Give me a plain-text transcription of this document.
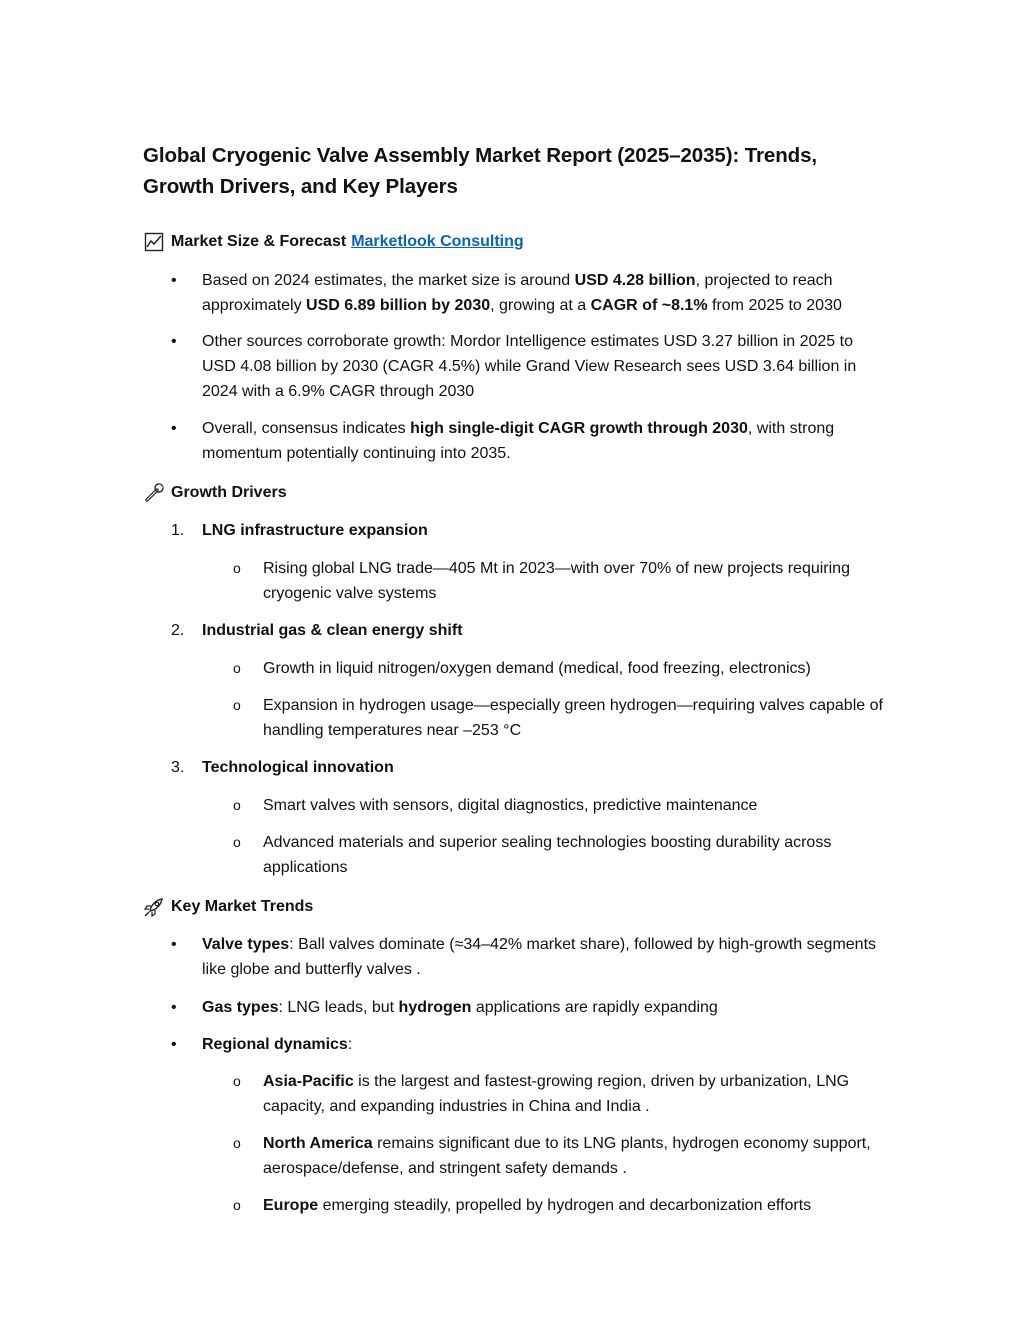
Global Cryogenic Valve Assembly Market Report (2025–2035): Trends, Growth Drivers, and Key Players
Market Size & Forecast Marketlook Consulting
• Based on 2024 estimates, the market size is around USD 4.28 billion, projected to reach approximately USD 6.89 billion by 2030, growing at a CAGR of ~8.1% from 2025 to 2030
• Other sources corroborate growth: Mordor Intelligence estimates USD 3.27 billion in 2025 to USD 4.08 billion by 2030 (CAGR 4.5%) while Grand View Research sees USD 3.64 billion in 2024 with a 6.9% CAGR through 2030
• Overall, consensus indicates high single-digit CAGR growth through 2030, with strong momentum potentially continuing into 2035.
Growth Drivers
1. LNG infrastructure expansion
o Rising global LNG trade—405 Mt in 2023—with over 70% of new projects requiring cryogenic valve systems
2. Industrial gas & clean energy shift
o Growth in liquid nitrogen/oxygen demand (medical, food freezing, electronics)
o Expansion in hydrogen usage—especially green hydrogen—requiring valves capable of handling temperatures near –253 °C
3. Technological innovation
o Smart valves with sensors, digital diagnostics, predictive maintenance
o Advanced materials and superior sealing technologies boosting durability across applications
Key Market Trends
• Valve types: Ball valves dominate (≈34–42% market share), followed by high-growth segments like globe and butterfly valves .
• Gas types: LNG leads, but hydrogen applications are rapidly expanding
• Regional dynamics:
o Asia-Pacific is the largest and fastest-growing region, driven by urbanization, LNG capacity, and expanding industries in China and India .
o North America remains significant due to its LNG plants, hydrogen economy support, aerospace/defense, and stringent safety demands .
o Europe emerging steadily, propelled by hydrogen and decarbonization efforts
